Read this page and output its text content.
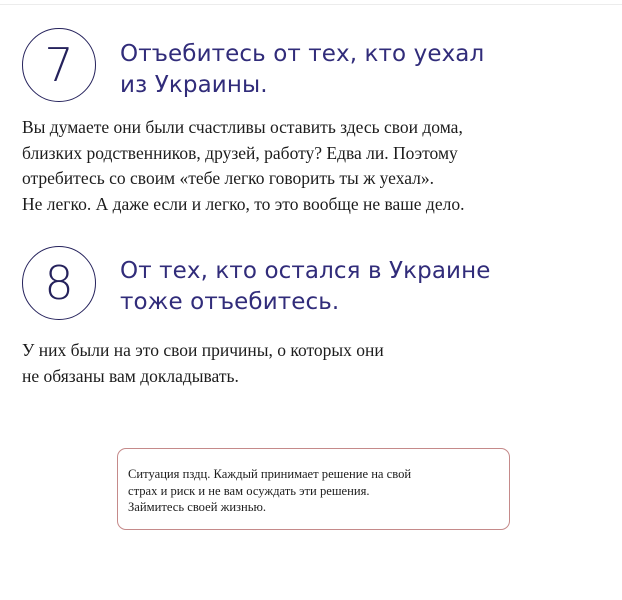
7 Отъебитесь от тех, кто уехал
из Украины.
Вы думаете они были счастливы оставить здесь свои дома,
близких родственников, друзей, работу? Едва ли. Поэтому
отребитесь со своим «тебе легко говорить ты ж уехал».
Не легко. А даже если и легко, то это вообще не ваше дело.
8 От тех, кто остался в Украине
тоже отъебитесь.
У них были на это свои причины, о которых они
не обязаны вам докладывать.
Ситуация пздц. Каждый принимает решение на свой
страх и риск и не вам осуждать эти решения.
Займитесь своей жизнью.
